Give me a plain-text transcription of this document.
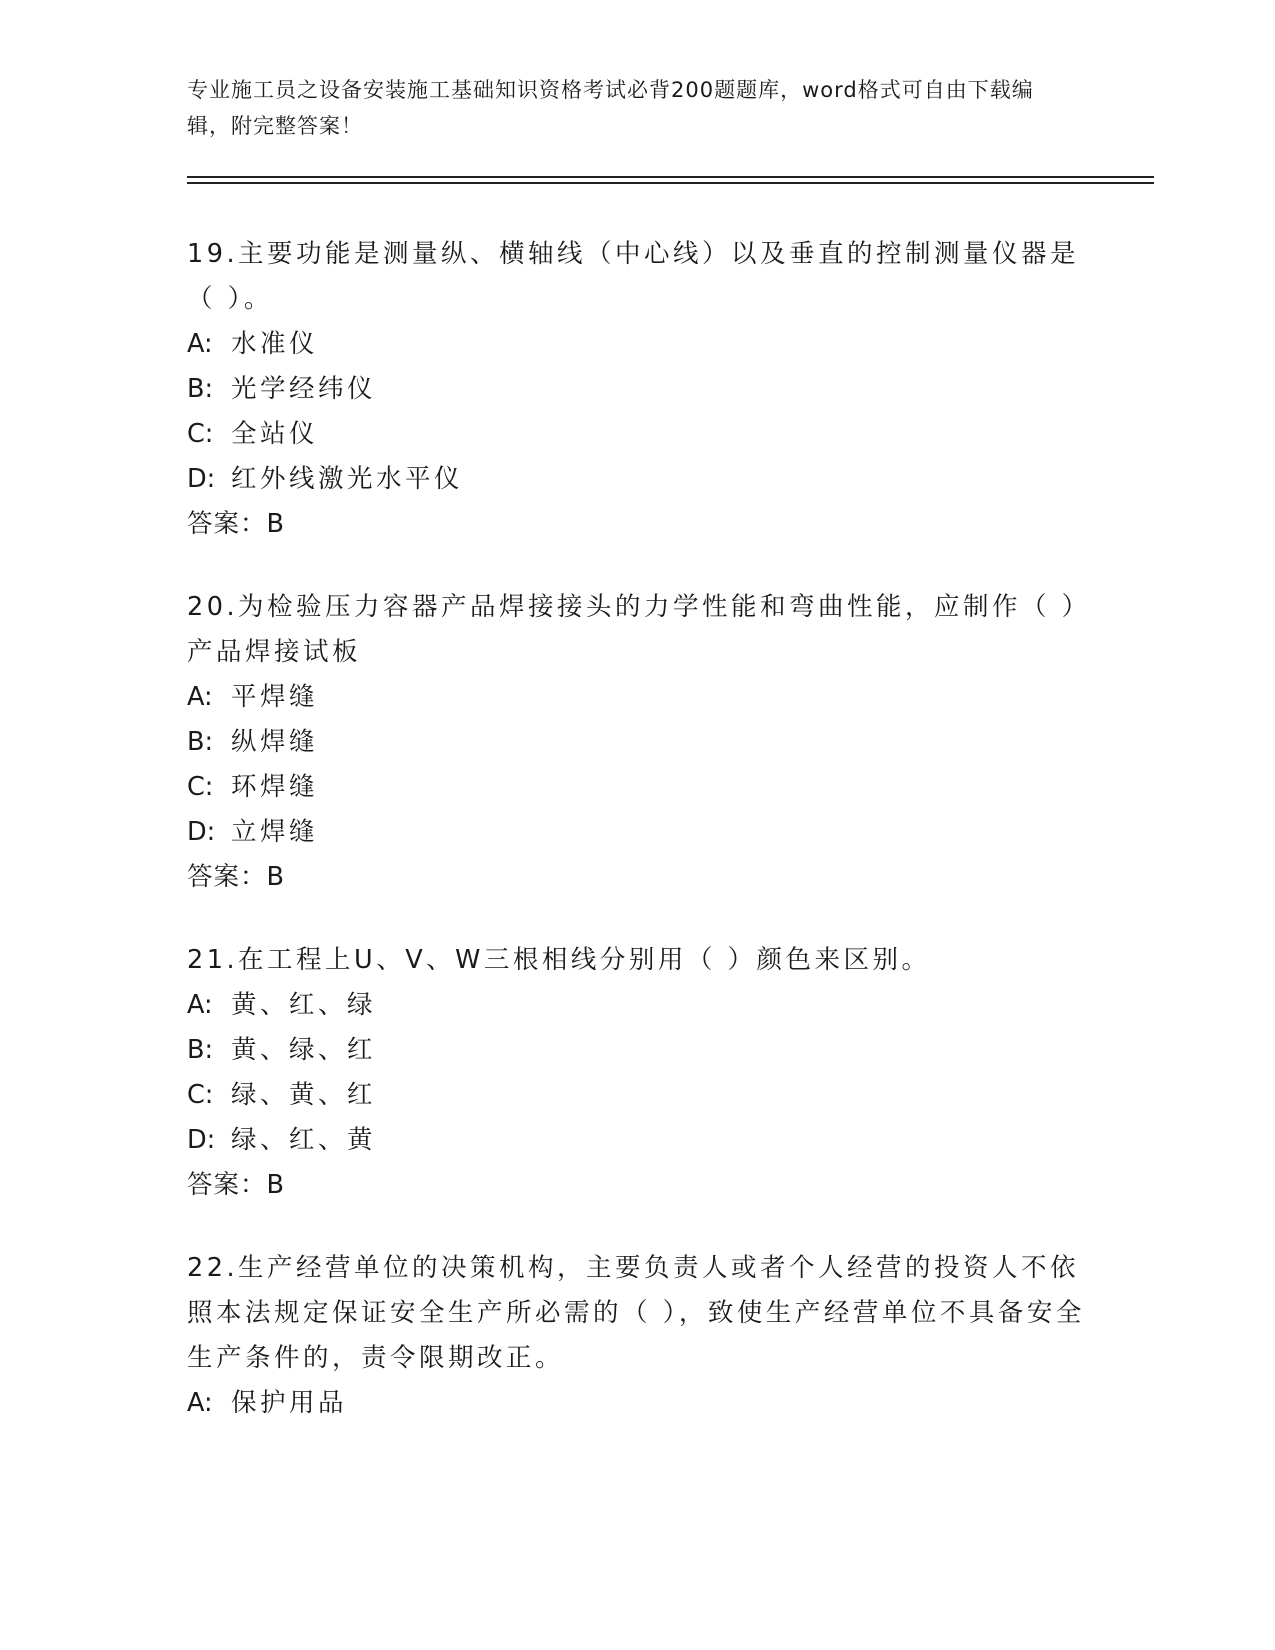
专业施工员之设备安装施工基础知识资格考试必背200题题库，word格式可自由下载编辑，附完整答案！
19.主要功能是测量纵、横轴线（中心线）以及垂直的控制测量仪器是（ ）。
A: 水准仪
B: 光学经纬仪
C: 全站仪
D: 红外线激光水平仪
答案：B
20.为检验压力容器产品焊接接头的力学性能和弯曲性能，应制作（ ）产品焊接试板
A: 平焊缝
B: 纵焊缝
C: 环焊缝
D: 立焊缝
答案：B
21.在工程上U、V、W三根相线分别用（ ）颜色来区别。
A: 黄、红、绿
B: 黄、绿、红
C: 绿、黄、红
D: 绿、红、黄
答案：B
22.生产经营单位的决策机构，主要负责人或者个人经营的投资人不依照本法规定保证安全生产所必需的（ ），致使生产经营单位不具备安全生产条件的，责令限期改正。
A: 保护用品
